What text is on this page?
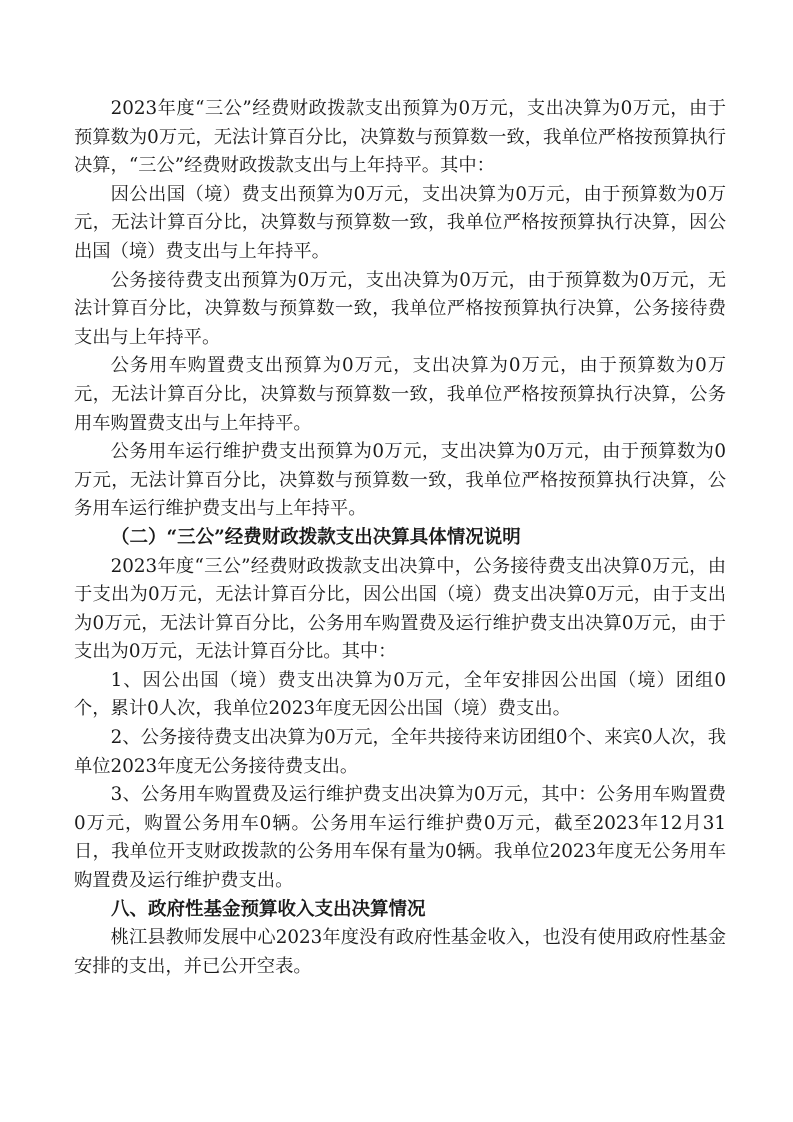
2023年度“三公”经费财政拨款支出预算为0万元，支出决算为0万元，由于预算数为0万元，无法计算百分比，决算数与预算数一致，我单位严格按预算执行决算，“三公”经费财政拨款支出与上年持平。其中：

因公出国（境）费支出预算为0万元，支出决算为0万元，由于预算数为0万元，无法计算百分比，决算数与预算数一致，我单位严格按预算执行决算，因公出国（境）费支出与上年持平。

公务接待费支出预算为0万元，支出决算为0万元，由于预算数为0万元，无法计算百分比，决算数与预算数一致，我单位严格按预算执行决算，公务接待费支出与上年持平。

公务用车购置费支出预算为0万元，支出决算为0万元，由于预算数为0万元，无法计算百分比，决算数与预算数一致，我单位严格按预算执行决算，公务用车购置费支出与上年持平。

公务用车运行维护费支出预算为0万元，支出决算为0万元，由于预算数为0万元，无法计算百分比，决算数与预算数一致，我单位严格按预算执行决算，公务用车运行维护费支出与上年持平。

（二）“三公”经费财政拨款支出决算具体情况说明

2023年度“三公”经费财政拨款支出决算中，公务接待费支出决算0万元，由于支出为0万元，无法计算百分比，因公出国（境）费支出决算0万元，由于支出为0万元，无法计算百分比，公务用车购置费及运行维护费支出决算0万元，由于支出为0万元，无法计算百分比。其中：

1、因公出国（境）费支出决算为0万元，全年安排因公出国（境）团组0个，累计0人次，我单位2023年度无因公出国（境）费支出。

2、公务接待费支出决算为0万元，全年共接待来访团组0个、来宾0人次，我单位2023年度无公务接待费支出。

3、公务用车购置费及运行维护费支出决算为0万元，其中：公务用车购置费0万元，购置公务用车0辆。公务用车运行维护费0万元，截至2023年12月31日，我单位开支财政拨款的公务用车保有量为0辆。我单位2023年度无公务用车购置费及运行维护费支出。

八、政府性基金预算收入支出决算情况

桃江县教师发展中心2023年度没有政府性基金收入，也没有使用政府性基金安排的支出，并已公开空表。
